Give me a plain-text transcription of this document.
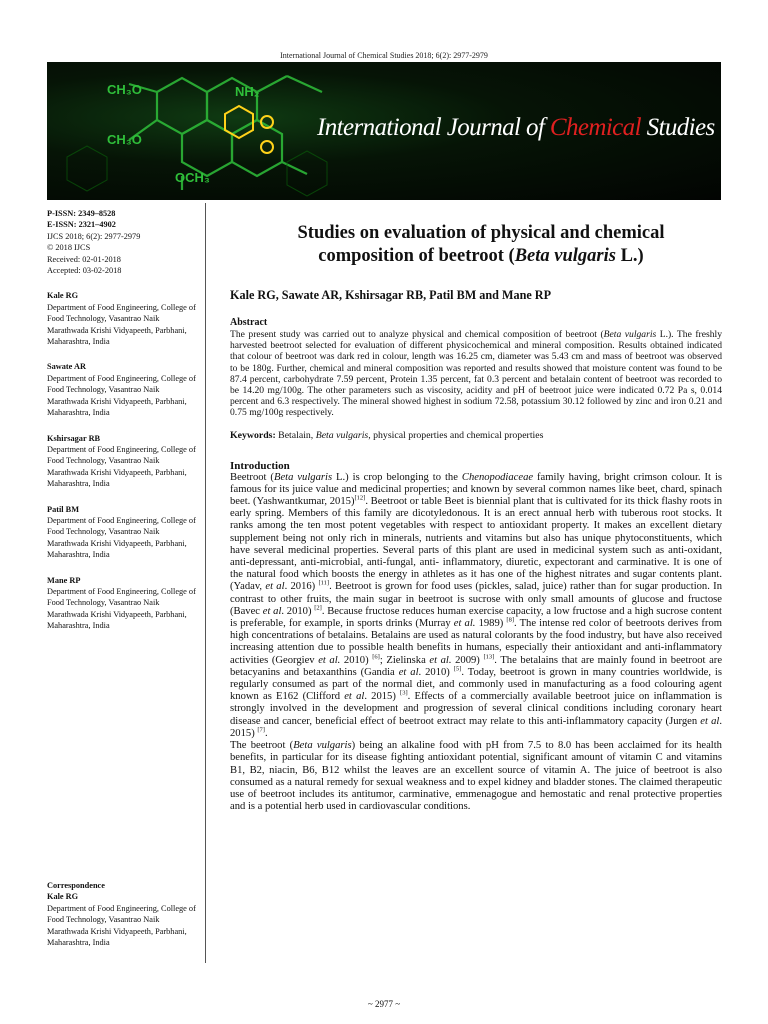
International Journal of Chemical Studies 2018; 6(2): 2977-2979
CH₃O
CH₃O
NH₂
OCH₃
International Journal of Chemical Studies
P-ISSN: 2349–8528
E-ISSN: 2321–4902
IJCS 2018; 6(2): 2977-2979
© 2018 IJCS
Received: 02-01-2018
Accepted: 03-02-2018
Kale RG
Department of Food Engineering, College of Food Technology, Vasantrao Naik Marathwada Krishi Vidyapeeth, Parbhani, Maharashtra, India
Sawate AR
Department of Food Engineering, College of Food Technology, Vasantrao Naik Marathwada Krishi Vidyapeeth, Parbhani, Maharashtra, India
Kshirsagar RB
Department of Food Engineering, College of Food Technology, Vasantrao Naik Marathwada Krishi Vidyapeeth, Parbhani, Maharashtra, India
Patil BM
Department of Food Engineering, College of Food Technology, Vasantrao Naik Marathwada Krishi Vidyapeeth, Parbhani, Maharashtra, India
Mane RP
Department of Food Engineering, College of Food Technology, Vasantrao Naik Marathwada Krishi Vidyapeeth, Parbhani, Maharashtra, India
Correspondence
Kale RG
Department of Food Engineering, College of Food Technology, Vasantrao Naik Marathwada Krishi Vidyapeeth, Parbhani, Maharashtra, India
Studies on evaluation of physical and chemical
composition of beetroot (Beta vulgaris L.)
Kale RG, Sawate AR, Kshirsagar RB, Patil BM and Mane RP
Abstract
The present study was carried out to analyze physical and chemical composition of beetroot (Beta vulgaris L.). The freshly harvested beetroot selected for evaluation of different physicochemical and mineral composition. Results obtained indicated that colour of beetroot was dark red in colour, length was 16.25 cm, diameter was 5.43 cm and mass of beetroot was observed to be 180g. Further, chemical and mineral composition was reported and results showed that moisture content was found to be 87.4 percent, carbohydrate 7.59 percent, Protein 1.35 percent, fat 0.3 percent and betalain content of beetroot was recorded to be 14.20 mg/100g. The other parameters such as viscosity, acidity and pH of beetroot juice were indicated 0.72 Pa s, 0.014 percent and 6.3 respectively. The mineral showed highest in sodium 72.58, potassium 30.12 followed by zinc and iron 0.21 and 0.75 mg/100g respectively.
Keywords: Betalain, Beta vulgaris, physical properties and chemical properties
Introduction

Beetroot (Beta vulgaris L.) is crop belonging to the Chenopodiaceae family having, bright crimson colour. It is famous for its juice value and medicinal properties; and known by several common names like beet, chard, spinach beet. (Yashwantkumar, 2015)[12]. Beetroot or table Beet is biennial plant that is cultivated for its thick flashy roots in early spring. Members of this family are dicotyledonous. It is an erect annual herb with tuberous root stocks. It ranks among the ten most potent vegetables with respect to antioxidant property. It makes an excellent dietary supplement being not only rich in minerals, nutrients and vitamins but also has unique phytoconstituents, which have several medicinal properties. Several parts of this plant are used in medicinal system such as anti-oxidant, anti-depressant, anti-microbial, anti-fungal, anti- inflammatory, diuretic, expectorant and carminative. It is one of the natural food which boosts the energy in athletes as it has one of the highest nitrates and sugar contents plant. (Yadav, et al. 2016) [11]. Beetroot is grown for food uses (pickles, salad, juice) rather than for sugar production. In contrast to other fruits, the main sugar in beetroot is sucrose with only small amounts of glucose and fructose (Bavec et al. 2010) [2]. Because fructose reduces human exercise capacity, a low fructose and a high sucrose content is preferable, for example, in sports drinks (Murray et al. 1989) [8]. The intense red color of beetroots derives from high concentrations of betalains. Betalains are used as natural colorants by the food industry, but have also received increasing attention due to possible health benefits in humans, especially their antioxidant and anti-inflammatory activities (Georgiev et al. 2010) [6]; Zielinska et al. 2009) [13]. The betalains that are mainly found in beetroot are betacyanins and betaxanthins (Gandia et al. 2010) [5]. Today, beetroot is grown in many countries worldwide, is regularly consumed as part of the normal diet, and commonly used in manufacturing as a food colouring agent known as E162 (Clifford et al. 2015) [3]. Effects of a commercially available beetroot juice on inflammation is strongly involved in the development and progression of several clinical conditions including coronary heart disease and cancer, beneficial effect of beetroot extract may relate to this anti-inflammatory capacity (Jurgen et al. 2015) [7].

The beetroot (Beta vulgaris) being an alkaline food with pH from 7.5 to 8.0 has been acclaimed for its health benefits, in particular for its disease fighting antioxidant potential, significant amount of vitamin C and vitamins B1, B2, niacin, B6, B12 whilst the leaves are an excellent source of vitamin A. The juice of beetroot is also consumed as a natural remedy for sexual weakness and to expel kidney and bladder stones. The claimed therapeutic use of beetroot includes its antitumor, carminative, emmenagogue and hemostatic and renal protective properties and is a potential herb used in cardiovascular conditions.

~ 2977 ~
